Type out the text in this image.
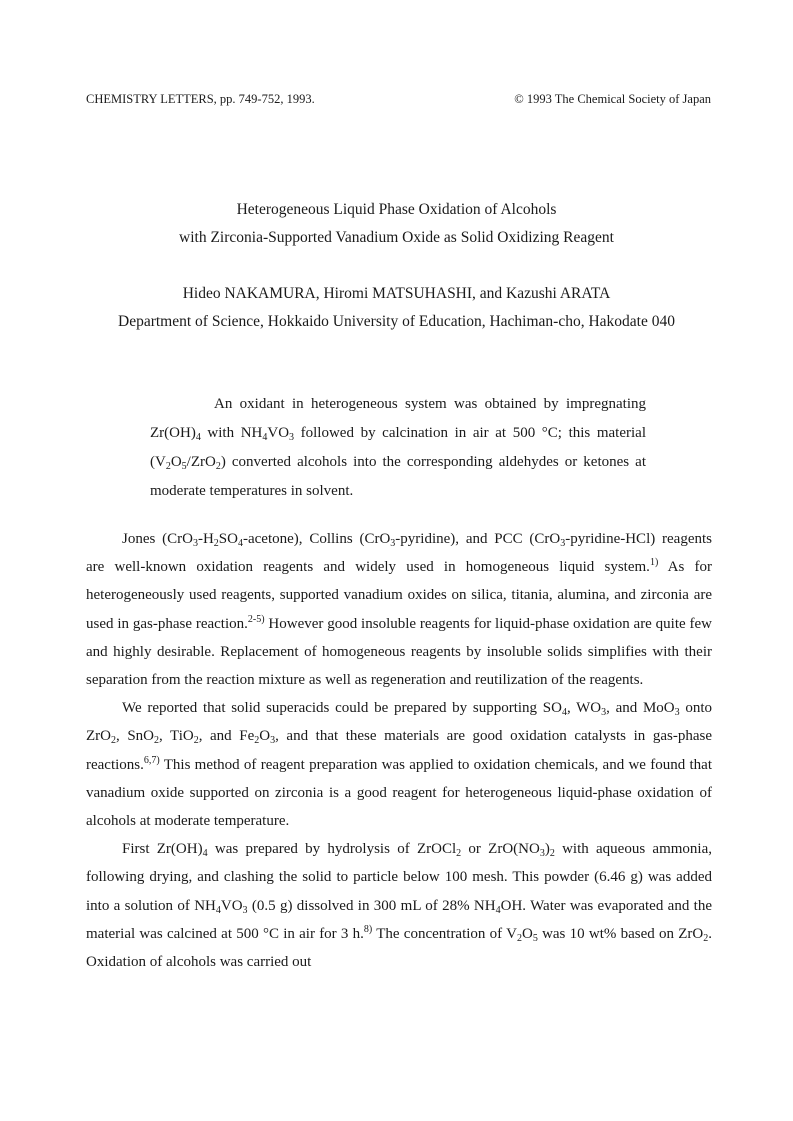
CHEMISTRY LETTERS, pp. 749-752, 1993.	© 1993 The Chemical Society of Japan
Heterogeneous Liquid Phase Oxidation of Alcohols
with Zirconia-Supported Vanadium Oxide as Solid Oxidizing Reagent
Hideo NAKAMURA, Hiromi MATSUHASHI, and Kazushi ARATA
Department of Science, Hokkaido University of Education, Hachiman-cho, Hakodate 040
An oxidant in heterogeneous system was obtained by impregnating $Zr(OH)_4$ with $NH_4VO_3$ followed by calcination in air at 500 °C; this material $(V_2O_5/ZrO_2)$ converted alcohols into the corresponding aldehydes or ketones at moderate temperatures in solvent.

Jones $(CrO_3-H_2SO_4-acetone)$, Collins (CrO$_3$-pyridine), and PCC (CrO$_3$-pyridine-HCl) reagents are well-known oxidation reagents and widely used in homogeneous liquid system.$^{1)}$ As for heterogeneously used reagents, supported vanadium oxides on silica, titania, alumina, and zirconia are used in gas-phase reaction.$^{2-5)}$ However good insoluble reagents for liquid-phase oxidation are quite few and highly desirable. Replacement of homogeneous reagents by insoluble solids simplifies with their separation from the reaction mixture as well as regeneration and reutilization of the reagents.

We reported that solid superacids could be prepared by supporting $SO_4$, $WO_3$, and MoO$_3$ onto ZrO$_2$, SnO$_2$, TiO$_2$, and $Fe_2O_3$, and that these materials are good oxidation catalysts in gas-phase reactions.$^{6,7)}$ This method of reagent preparation was applied to oxidation chemicals, and we found that vanadium oxide supported on zirconia is a good reagent for heterogeneous liquid-phase oxidation of alcohols at moderate temperature.

First $Zr(OH)_4$ was prepared by hydrolysis of ZrOCl$_2$ or $ZrO(NO_3)_2$ with aqueous ammonia, following drying, and clashing the solid to particle below 100 mesh. This powder (6.46 g) was added into a solution of $NH_4VO_3$ (0.5 g) dissolved in 300 mL of 28% $NH_4OH$. Water was evaporated and the material was calcined at 500 °C in air for 3 h.$^{8)}$ The concentration of $V_2O_5$ was 10 wt% based on ZrO$_2$. Oxidation of alcohols was carried out
